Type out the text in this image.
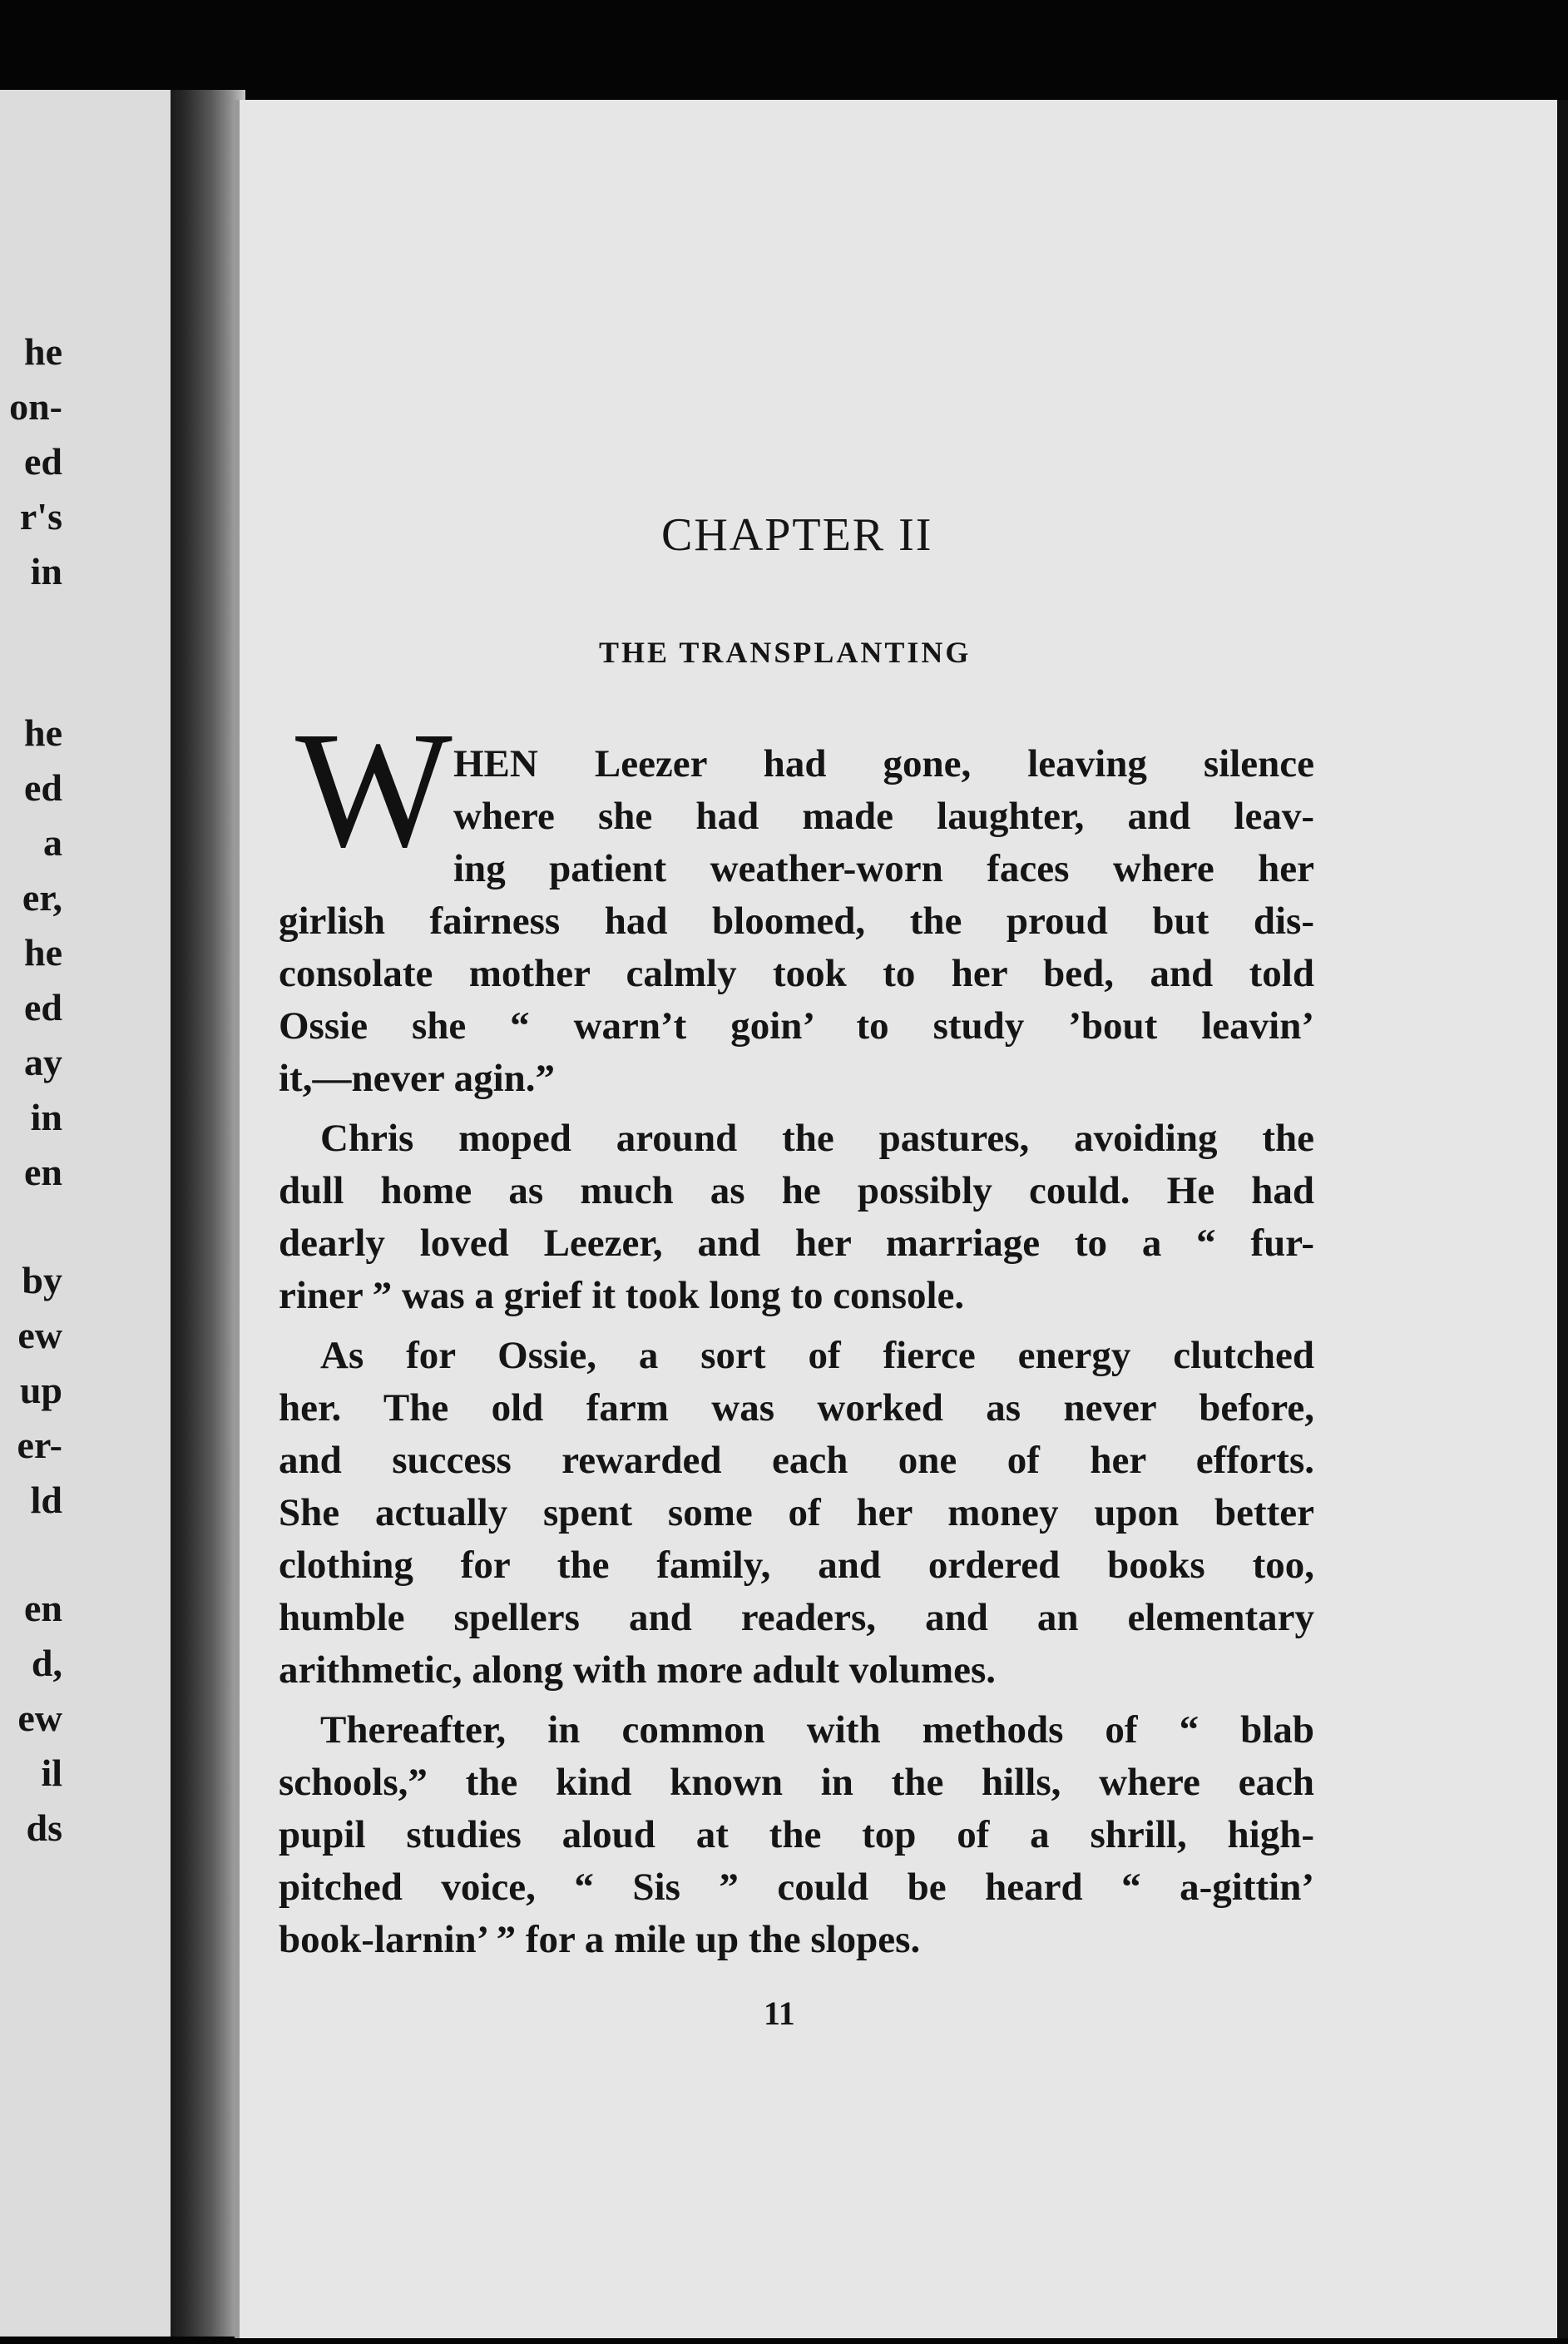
he
on-
ed
r's
in
he
ed
a
er,
he
ed
ay
in
en
by
ew
up
er-
ld
en
d,
ew
il
ds
CHAPTER II
THE TRANSPLANTING
W HEN Leezer had gone, leaving silence
where she had made laughter, and leav-
ing patient weather-worn faces where her
girlish fairness had bloomed, the proud but dis-
consolate mother calmly took to her bed, and told
Ossie she “ warn’t goin’ to study ’bout leavin’
it,—never agin.”
Chris moped around the pastures, avoiding the
dull home as much as he possibly could. He had
dearly loved Leezer, and her marriage to a “ fur-
riner ” was a grief it took long to console.
As for Ossie, a sort of fierce energy clutched
her. The old farm was worked as never before,
and success rewarded each one of her efforts.
She actually spent some of her money upon better
clothing for the family, and ordered books too,
humble spellers and readers, and an elementary
arithmetic, along with more adult volumes.
Thereafter, in common with methods of “ blab
schools,” the kind known in the hills, where each
pupil studies aloud at the top of a shrill, high-
pitched voice, “ Sis ” could be heard “ a-gittin’
book-larnin’ ” for a mile up the slopes.
11
